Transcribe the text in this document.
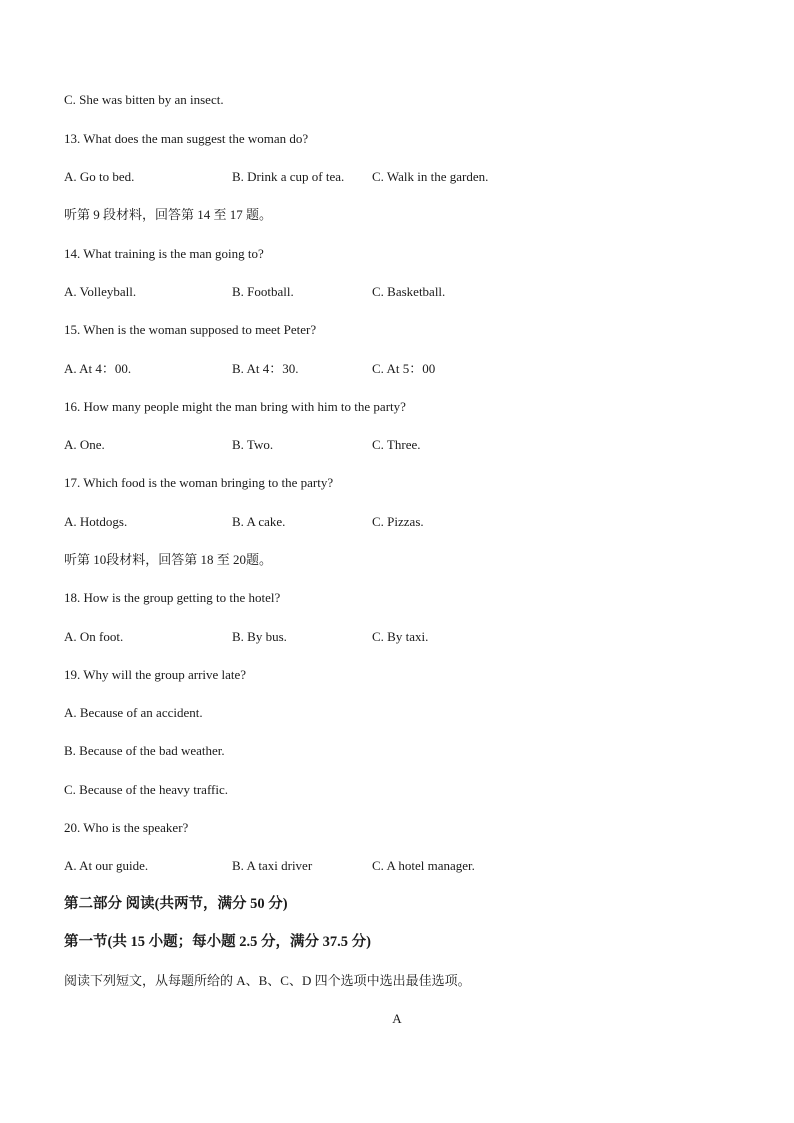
C. She was bitten by an insect.
13. What does the man suggest the woman do?
A. Go to bed.	B. Drink a cup of tea. C. Walk in the garden.
听第 9 段材料，回答第 14 至 17 题。
14. What training is the man going to?
A. Volleyball.	B. Football.	C. Basketball.
15. When is the woman supposed to meet Peter?
A. At 4：00.	B. At 4：30.	C. At 5：00
16. How many people might the man bring with him to the party?
A. One.	B. Two.	C. Three.
17. Which food is the woman bringing to the party?
A. Hotdogs.	B. A cake.	C. Pizzas.
听第 10段材料，回答第 18 至 20题。
18. How is the group getting to the hotel?
A. On foot.	B. By bus.	C. By taxi.
19. Why will the group arrive late?
A. Because of an accident.
B. Because of the bad weather.
C. Because of the heavy traffic.
20. Who is the speaker?
A. At our guide.	B. A taxi driver	C. A hotel manager.
第二部分 阅读(共两节，满分 50 分)
第一节(共 15 小题；每小题 2.5 分，满分 37.5 分)
阅读下列短文，从每题所给的 A、B、C、D 四个选项中选出最佳选项。
A
